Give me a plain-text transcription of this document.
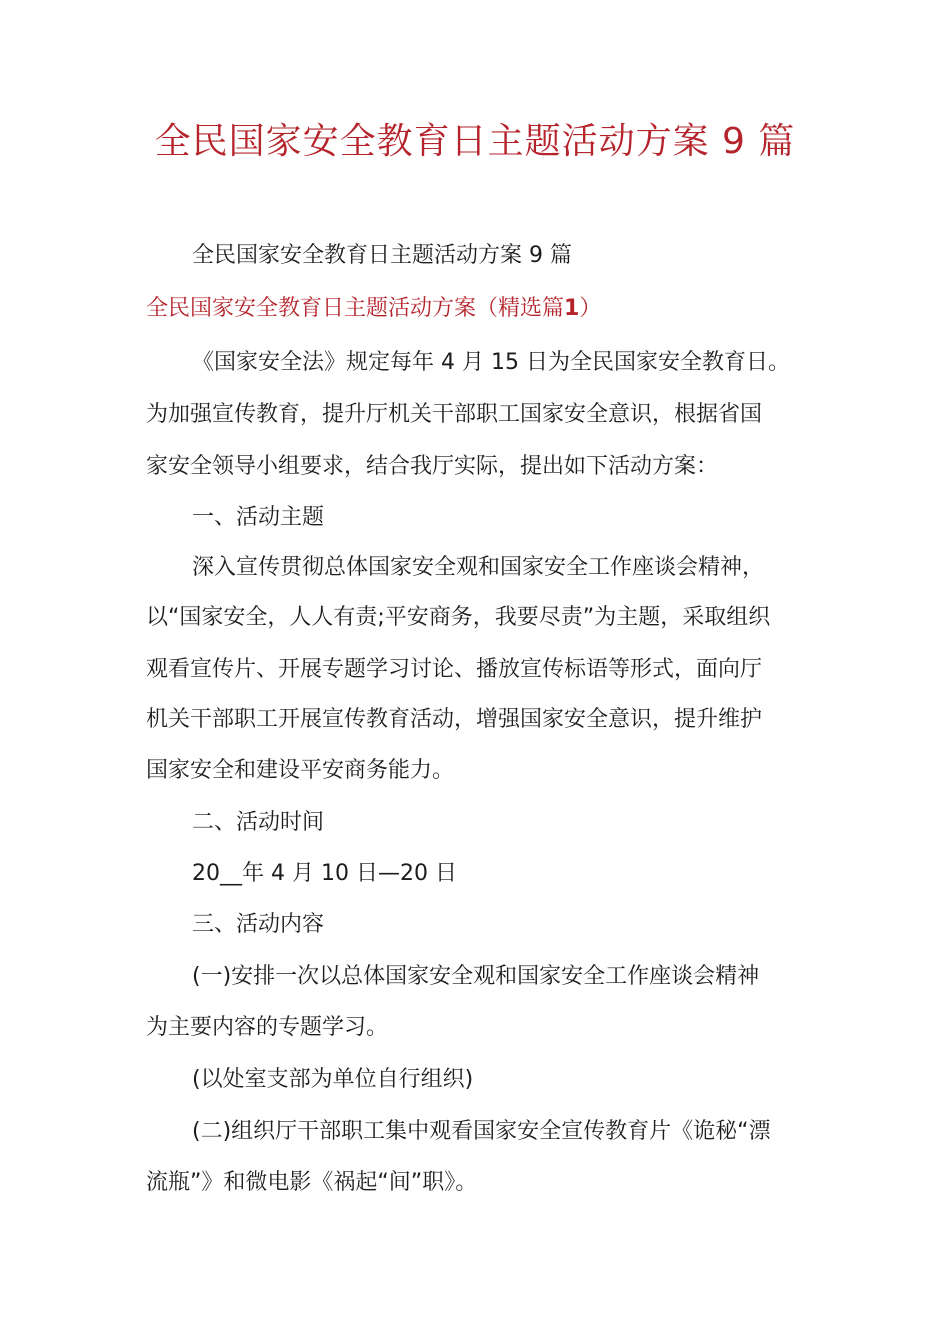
全民国家安全教育日主题活动方案 9 篇
全民国家安全教育日主题活动方案 9 篇
全民国家安全教育日主题活动方案（精选篇1）
《国家安全法》规定每年 4 月 15 日为全民国家安全教育日。
为加强宣传教育，提升厅机关干部职工国家安全意识，根据省国
家安全领导小组要求，结合我厅实际，提出如下活动方案：
一、活动主题
深入宣传贯彻总体国家安全观和国家安全工作座谈会精神，
以“国家安全，人人有责;平安商务，我要尽责”为主题，采取组织
观看宣传片、开展专题学习讨论、播放宣传标语等形式，面向厅
机关干部职工开展宣传教育活动，增强国家安全意识，提升维护
国家安全和建设平安商务能力。
二、活动时间
20__年 4 月 10 日—20 日
三、活动内容
(一)安排一次以总体国家安全观和国家安全工作座谈会精神
为主要内容的专题学习。
(以处室支部为单位自行组织)
(二)组织厅干部职工集中观看国家安全宣传教育片《诡秘“漂
流瓶”》和微电影《祸起“间”职》。
